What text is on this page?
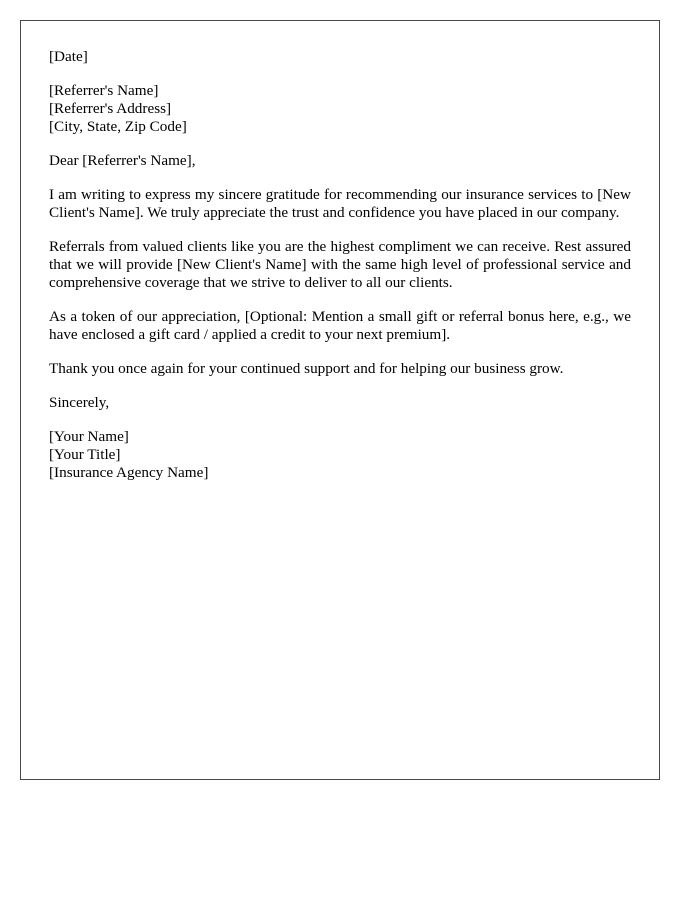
[Date]
[Referrer's Name]
[Referrer's Address]
[City, State, Zip Code]
Dear [Referrer's Name],

I am writing to express my sincere gratitude for recommending our insurance services to [New Client's Name]. We truly appreciate the trust and confidence you have placed in our company.

Referrals from valued clients like you are the highest compliment we can receive. Rest assured that we will provide [New Client's Name] with the same high level of professional service and comprehensive coverage that we strive to deliver to all our clients.

As a token of our appreciation, [Optional: Mention a small gift or referral bonus here, e.g., we have enclosed a gift card / applied a credit to your next premium].

Thank you once again for your continued support and for helping our business grow.

Sincerely,
[Your Name]
[Your Title]
[Insurance Agency Name]
